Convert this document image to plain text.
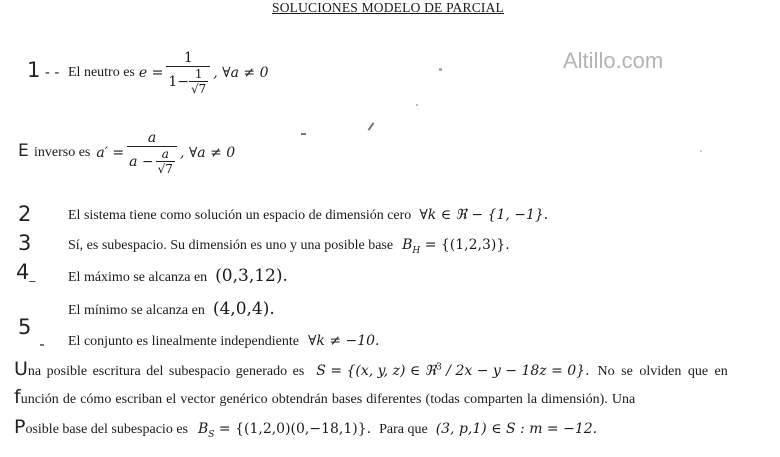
SOLUCIONES MODELO DE PARCIAL
Altillo.com
1 - - El neutro es $e = \frac{1}{1- \frac{1}{√7}}$ , ∀a ≠ 0
E inverso es $a' = \frac{a}{a - \frac{a}{√7}}$ , ∀a ≠ 0
2	El sistema tiene como solución un espacio de dimensión cero ∀k ∈ ℜ − {1, −1}.
3	Sí, es subespacio. Su dimensión es uno y una posible base $B_H = \{(1,2,3)\}$.
4_ El máximo se alcanza en (0,3,12).
El mínimo se alcanza en (4,0,4).
5
El conjunto es linealmente independiente ∀k ≠ −10.
Una posible escritura del subespacio generado es S = {(x, y, z) ∈ ℜ$^3$ / 2x − y − 18z = 0}. No se olviden que en
función de cómo escriban el vector genérico obtendrán bases diferentes (todas comparten la dimensión). Una
Posible base del subespacio es $B_S = \{(1,2,0)(0,-18,1)\}$. Para que (3, p,1) ∈ S : m = −12.
